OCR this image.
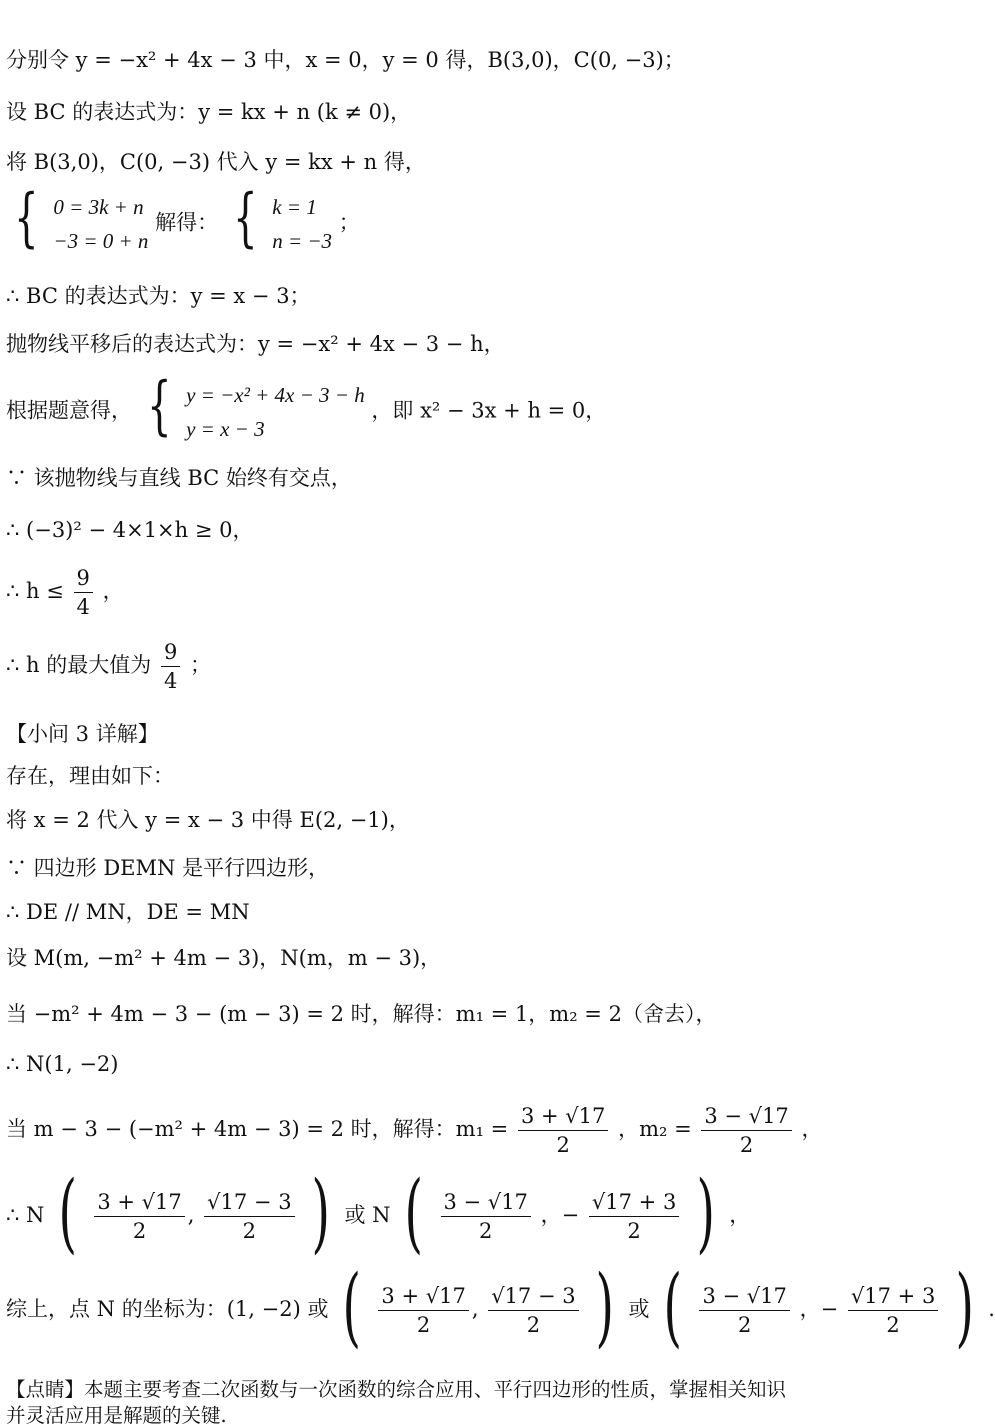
分别令 y = −x² + 4x − 3 中，x = 0，y = 0 得，B(3,0)，C(0, −3)；
设 BC 的表达式为：y = kx + n (k ≠ 0)，
将 B(3,0)，C(0, −3) 代入 y = kx + n 得，
{ 0 = 3k + n
−3 = 0 + n
解得： { k = 1
n = −3
；
∴ BC 的表达式为：y = x − 3；
抛物线平移后的表达式为：y = −x² + 4x − 3 − h，
根据题意得， { y = −x² + 4x − 3 − h
y = x − 3
，即 x² − 3x + h = 0，
∵ 该抛物线与直线 BC 始终有交点，
∴ (−3)² − 4×1×h ≥ 0，
∴ $h \le \frac{9}{4}$ ，
∴ h 的最大值为 $\frac{9}{4}$ ；
【小问 3 详解】
存在，理由如下：
将 x = 2 代入 y = x − 3 中得 E(2, −1)，
∵ 四边形 DEMN 是平行四边形，
∴ DE // MN，DE = MN
设 M(m, −m² + 4m − 3)，N(m，m − 3)，
当 −m² + 4m − 3 − (m − 3) = 2 时，解得：m₁ = 1，m₂ = 2（舍去），
∴ N(1, −2)
当 m − 3 − (−m² + 4m − 3) = 2 时，解得：$m_1 = \frac{3 + √17}{2}$ ，$m_2 = \frac{3 - √17}{2}$ ，
∴ N ( $\frac{3 + √17}{2}$ , $\frac{√17 - 3}{2}$ ) 或 N ( $\frac{3 - √17}{2}$ ，− $\frac{√17 + 3}{2}$ ) ，
综上，点 N 的坐标为：(1, −2) 或 ( $\frac{3 + √17}{2}$ , $\frac{√17 - 3}{2}$ ) 或 ( $\frac{3 - √17}{2}$ ，− $\frac{√17 + 3}{2}$ ) .
【点睛】本题主要考查二次函数与一次函数的综合应用、平行四边形的性质，掌握相关知识
并灵活应用是解题的关键.
